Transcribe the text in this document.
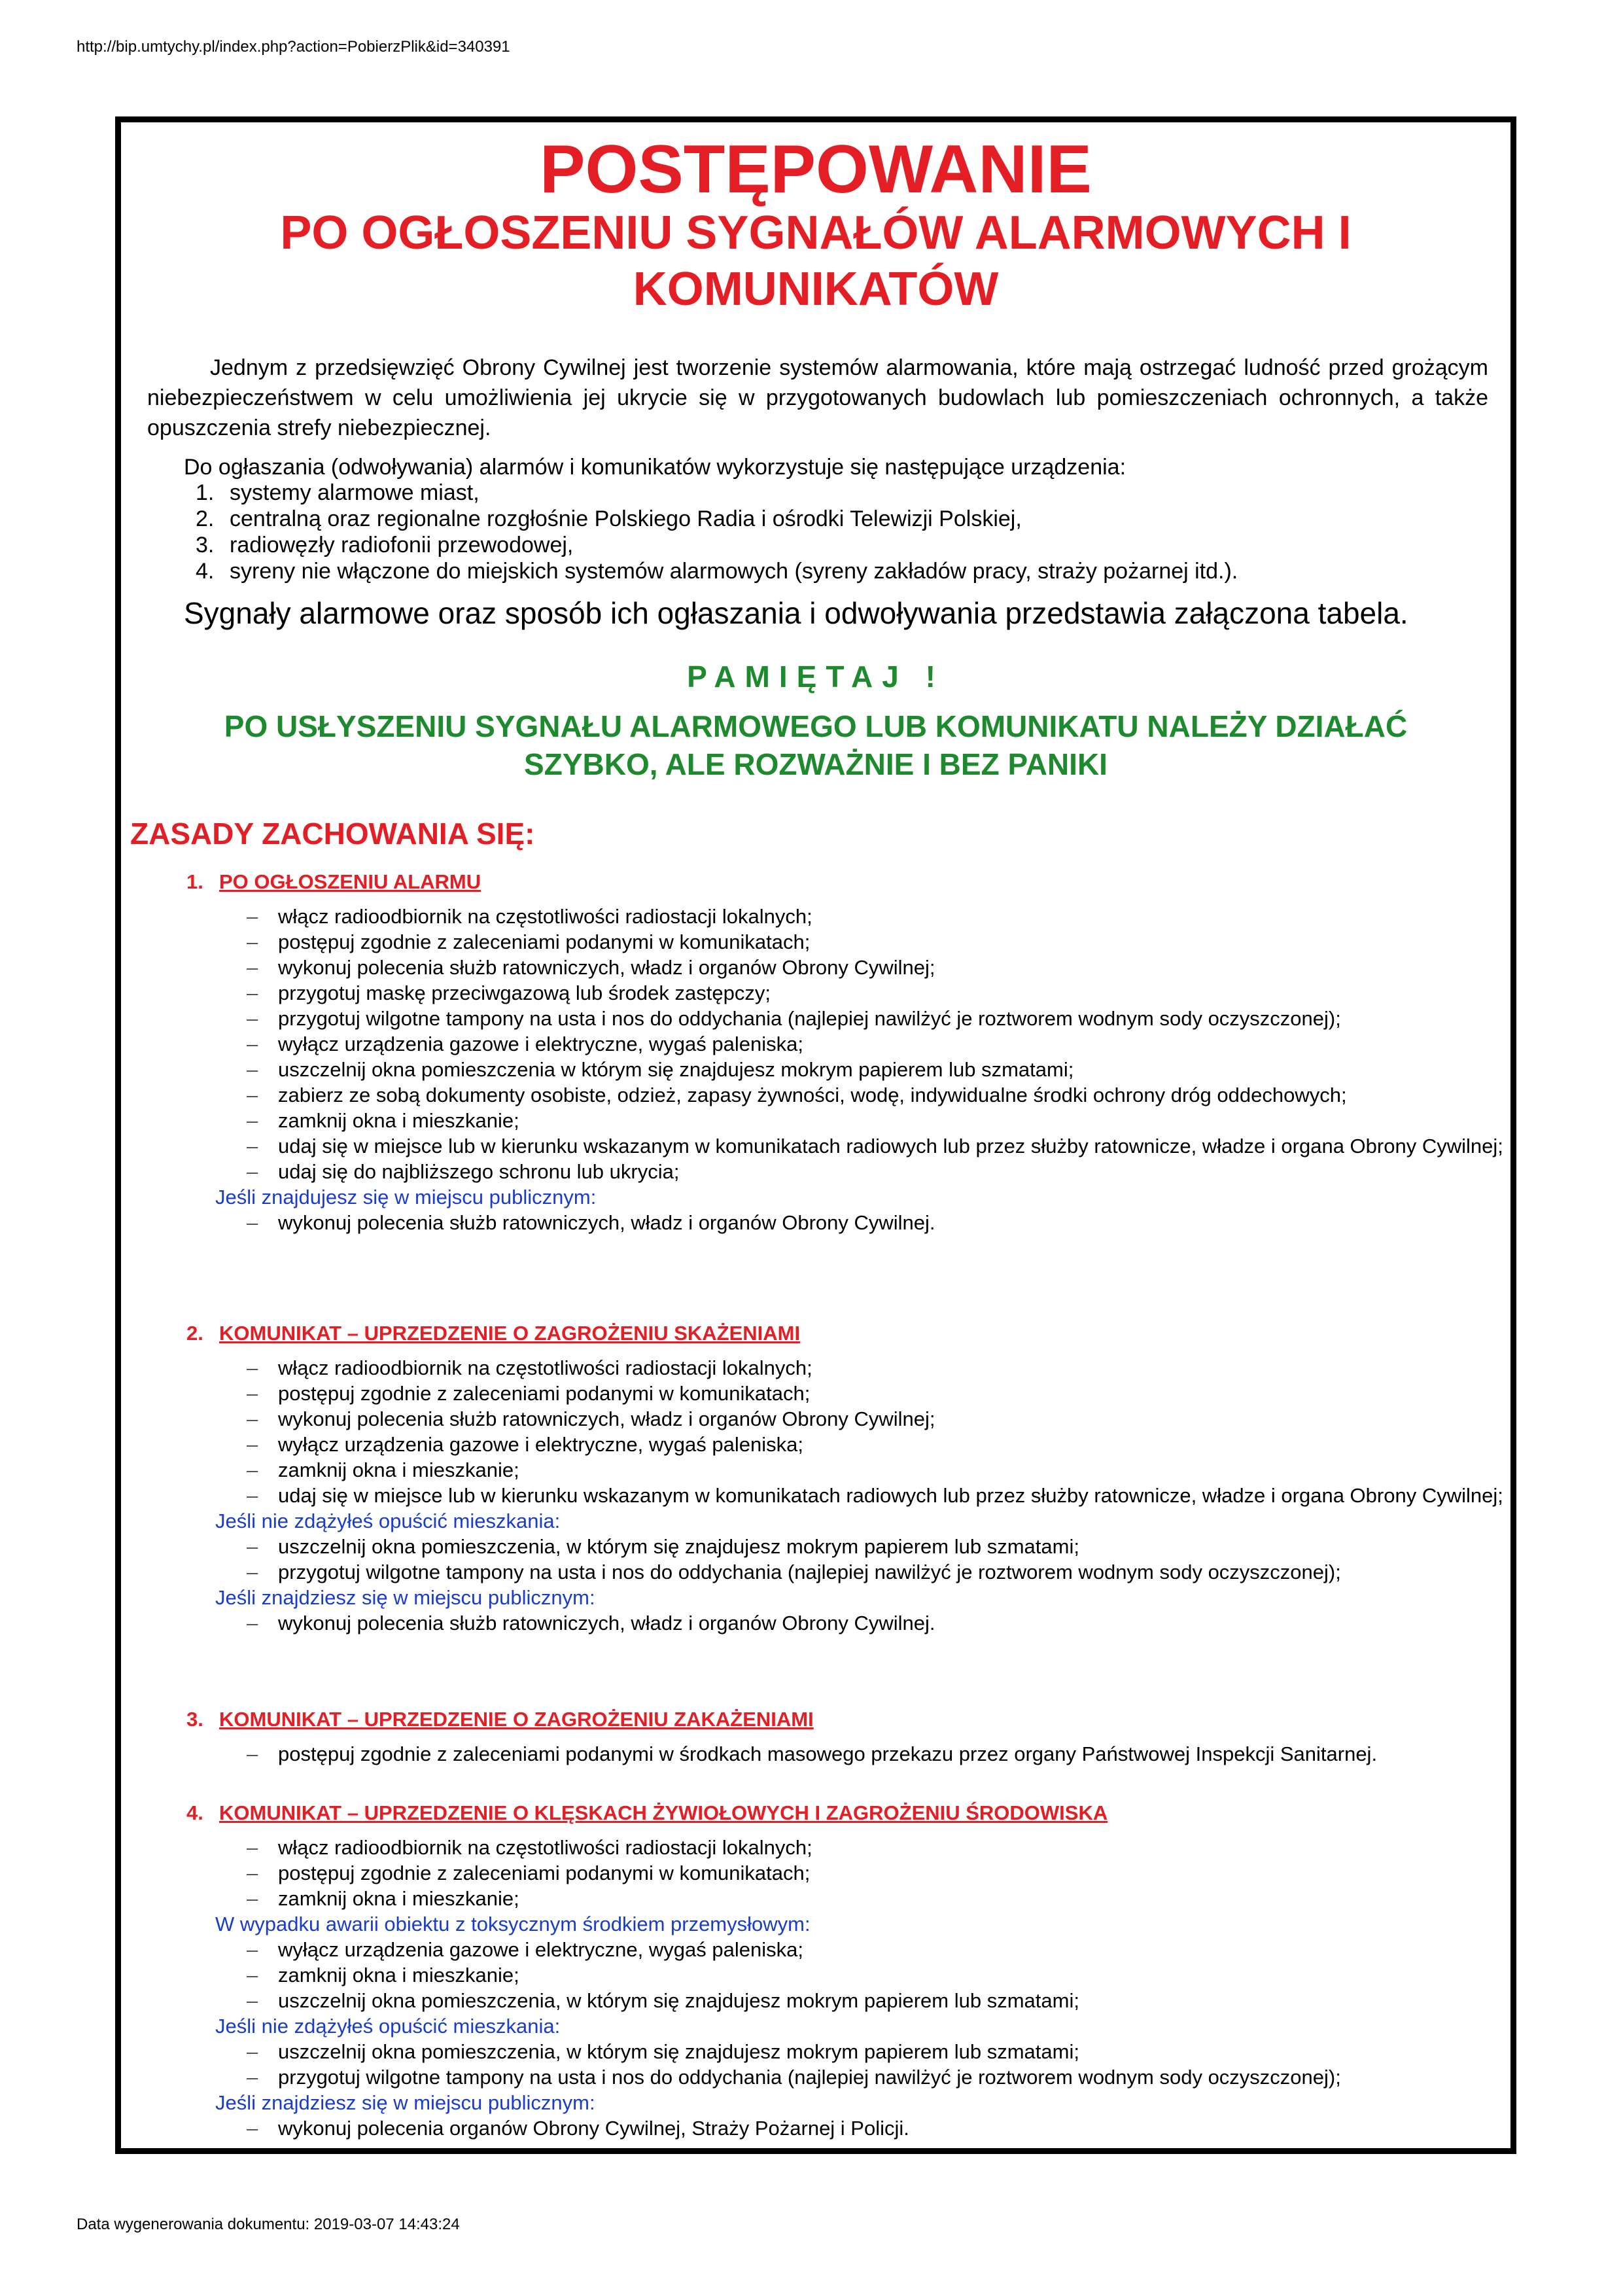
http://bip.umtychy.pl/index.php?action=PobierzPlik&id=340391
POSTĘPOWANIE
PO OGŁOSZENIU SYGNAŁÓW ALARMOWYCH I
KOMUNIKATÓW
Jednym z przedsięwzięć Obrony Cywilnej jest tworzenie systemów alarmowania, które mają ostrzegać ludność przed grożącym niebezpieczeństwem w celu umożliwienia jej ukrycie się w przygotowanych budowlach lub pomieszczeniach ochronnych, a także opuszczenia strefy niebezpiecznej.
Do ogłaszania (odwoływania) alarmów i komunikatów wykorzystuje się następujące urządzenia:
1. systemy alarmowe miast,
2. centralną oraz regionalne rozgłośnie Polskiego Radia i ośrodki Telewizji Polskiej,
3. radiowęzły radiofonii przewodowej,
4. syreny nie włączone do miejskich systemów alarmowych (syreny zakładów pracy, straży pożarnej itd.).
Sygnały alarmowe oraz sposób ich ogłaszania i odwoływania przedstawia załączona tabela.
PAMIĘTAJ !
PO USŁYSZENIU SYGNAŁU ALARMOWEGO LUB KOMUNIKATU NALEŻY DZIAŁAĆ
SZYBKO, ALE ROZWAŻNIE I BEZ PANIKI
ZASADY ZACHOWANIA SIĘ:
1. PO OGŁOSZENIU ALARMU
– włącz radioodbiornik na częstotliwości radiostacji lokalnych;
– postępuj zgodnie z zaleceniami podanymi w komunikatach;
– wykonuj polecenia służb ratowniczych, władz i organów Obrony Cywilnej;
– przygotuj maskę przeciwgazową lub środek zastępczy;
– przygotuj wilgotne tampony na usta i nos do oddychania (najlepiej nawilżyć je roztworem wodnym sody oczyszczonej);
– wyłącz urządzenia gazowe i elektryczne, wygaś paleniska;
– uszczelnij okna pomieszczenia w którym się znajdujesz mokrym papierem lub szmatami;
– zabierz ze sobą dokumenty osobiste, odzież, zapasy żywności, wodę, indywidualne środki ochrony dróg oddechowych;
– zamknij okna i mieszkanie;
– udaj się w miejsce lub w kierunku wskazanym w komunikatach radiowych lub przez służby ratownicze, władze i organa Obrony Cywilnej;
– udaj się do najbliższego schronu lub ukrycia;
Jeśli znajdujesz się w miejscu publicznym:
– wykonuj polecenia służb ratowniczych, władz i organów Obrony Cywilnej.
2. KOMUNIKAT – UPRZEDZENIE O ZAGROŻENIU SKAŻENIAMI
– włącz radioodbiornik na częstotliwości radiostacji lokalnych;
– postępuj zgodnie z zaleceniami podanymi w komunikatach;
– wykonuj polecenia służb ratowniczych, władz i organów Obrony Cywilnej;
– wyłącz urządzenia gazowe i elektryczne, wygaś paleniska;
– zamknij okna i mieszkanie;
– udaj się w miejsce lub w kierunku wskazanym w komunikatach radiowych lub przez służby ratownicze, władze i organa Obrony Cywilnej;
Jeśli nie zdążyłeś opuścić mieszkania:
– uszczelnij okna pomieszczenia, w którym się znajdujesz mokrym papierem lub szmatami;
– przygotuj wilgotne tampony na usta i nos do oddychania (najlepiej nawilżyć je roztworem wodnym sody oczyszczonej);
Jeśli znajdziesz się w miejscu publicznym:
– wykonuj polecenia służb ratowniczych, władz i organów Obrony Cywilnej.
3. KOMUNIKAT – UPRZEDZENIE O ZAGROŻENIU ZAKAŻENIAMI
– postępuj zgodnie z zaleceniami podanymi w środkach masowego przekazu przez organy Państwowej Inspekcji Sanitarnej.
4. KOMUNIKAT – UPRZEDZENIE O KLĘSKACH ŻYWIOŁOWYCH I ZAGROŻENIU ŚRODOWISKA
– włącz radioodbiornik na częstotliwości radiostacji lokalnych;
– postępuj zgodnie z zaleceniami podanymi w komunikatach;
– zamknij okna i mieszkanie;
W wypadku awarii obiektu z toksycznym środkiem przemysłowym:
– wyłącz urządzenia gazowe i elektryczne, wygaś paleniska;
– zamknij okna i mieszkanie;
– uszczelnij okna pomieszczenia, w którym się znajdujesz mokrym papierem lub szmatami;
Jeśli nie zdążyłeś opuścić mieszkania:
– uszczelnij okna pomieszczenia, w którym się znajdujesz mokrym papierem lub szmatami;
– przygotuj wilgotne tampony na usta i nos do oddychania (najlepiej nawilżyć je roztworem wodnym sody oczyszczonej);
Jeśli znajdziesz się w miejscu publicznym:
– wykonuj polecenia organów Obrony Cywilnej, Straży Pożarnej i Policji.
Data wygenerowania dokumentu: 2019-03-07 14:43:24
